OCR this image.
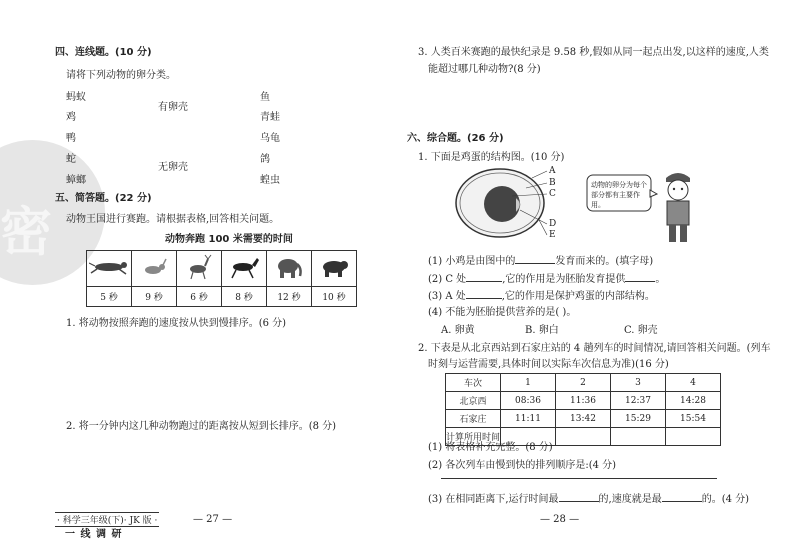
密
四、连线题。(10 分)
请将下列动物的卵分类。
蚂蚁
鸡
鸭
蛇
蟑螂
有卵壳
无卵壳
鱼
青蛙
乌龟
鸽
蝗虫
五、简答题。(22 分)
动物王国进行赛跑。请根据表格,回答相关问题。
动物奔跑 100 米需要的时间

5 秒	9 秒	6 秒	8 秒	12 秒	10 秒
1. 将动物按照奔跑的速度按从快到慢排序。(6 分)
2. 将一分钟内这几种动物跑过的距离按从短到长排序。(8 分)
· 科学三年级(下)· JK 版 ·
一 线 调 研
— 27 —
3. 人类百米赛跑的最快纪录是 9.58 秒,假如从同一起点出发,以这样的速度,人类
能超过哪几种动物?(8 分)
六、综合题。(26 分)
1. 下面是鸡蛋的结构图。(10 分)
A
B
C
D
E
动物的卵分为每个部分都有主要作用。
(1) 小鸡是由图中的	发育而来的。(填字母)
(2) C 处	,它的作用是为胚胎发育提供	。
(3) A 处	,它的作用是保护鸡蛋的内部结构。
(4) 不能为胚胎提供营养的是( )。
A. 卵黄	B. 卵白	C. 卵壳
2. 下表是从北京西站到石家庄站的 4 趟列车的时间情况,请回答相关问题。(列车
时刻与运营需要,具体时间以实际车次信息为准)(16 分)
车次	1	2	3	4
北京西	08:36	11:36	12:37	14:28
石家庄	11:11	13:42	15:29	15:54
计算所用时间				
(1) 将表格补充完整。(8 分)
(2) 各次列车由慢到快的排列顺序是:(4 分)
(3) 在相同距离下,运行时间最	的,速度就是最	的。(4 分)
— 28 —
